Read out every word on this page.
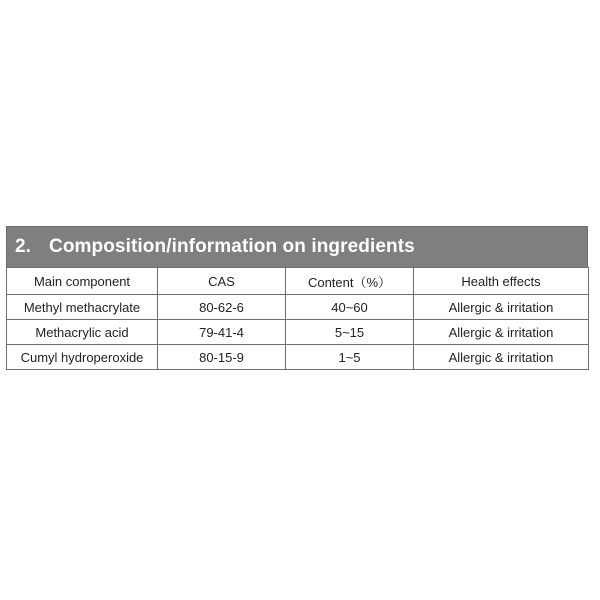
2. Composition/information on ingredients
Main component	CAS	Content（%）	Health effects
Methyl methacrylate	80-62-6	40~60	Allergic & irritation
Methacrylic acid	79-41-4	5~15	Allergic & irritation
Cumyl hydroperoxide	80-15-9	1~5	Allergic & irritation
